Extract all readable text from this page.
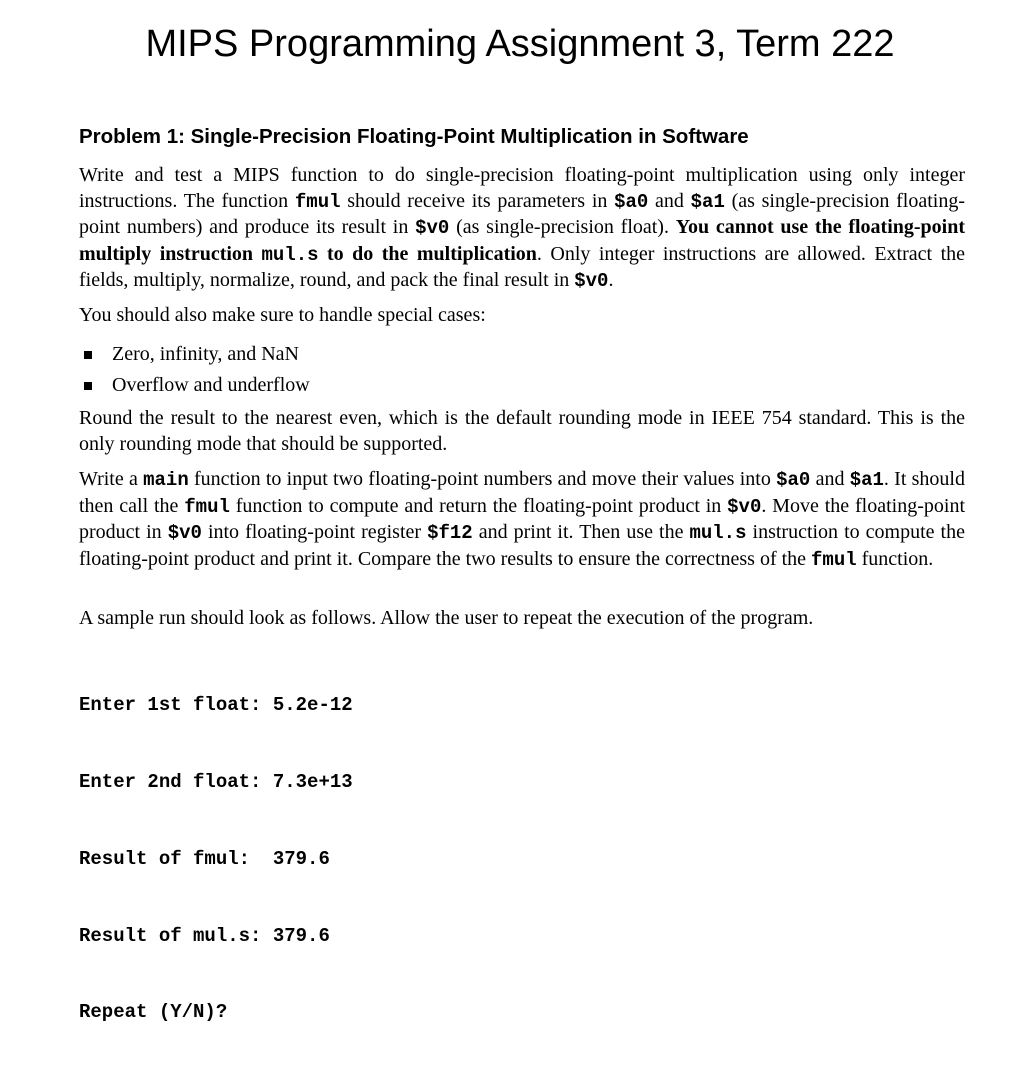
MIPS Programming Assignment 3, Term 222
Problem 1: Single-Precision Floating-Point Multiplication in Software

Write and test a MIPS function to do single-precision floating-point multiplication using only integer instructions. The function fmul should receive its parameters in $a0 and $a1 (as single-precision floating-point numbers) and produce its result in $v0 (as single-precision float). You cannot use the floating-point multiply instruction mul.s to do the multiplication. Only integer instructions are allowed. Extract the fields, multiply, normalize, round, and pack the final result in $v0.

You should also make sure to handle special cases:

Zero, infinity, and NaN
Overflow and underflow

Round the result to the nearest even, which is the default rounding mode in IEEE 754 standard. This is the only rounding mode that should be supported.

Write a main function to input two floating-point numbers and move their values into $a0 and $a1. It should then call the fmul function to compute and return the floating-point product in $v0. Move the floating-point product in $v0 into floating-point register $f12 and print it. Then use the mul.s instruction to compute the floating-point product and print it. Compare the two results to ensure the correctness of the fmul function.

A sample run should look as follows. Allow the user to repeat the execution of the program.

Enter 1st float: 5.2e-12

Enter 2nd float: 7.3e+13

Result of fmul:  379.6

Result of mul.s: 379.6

Repeat (Y/N)?
